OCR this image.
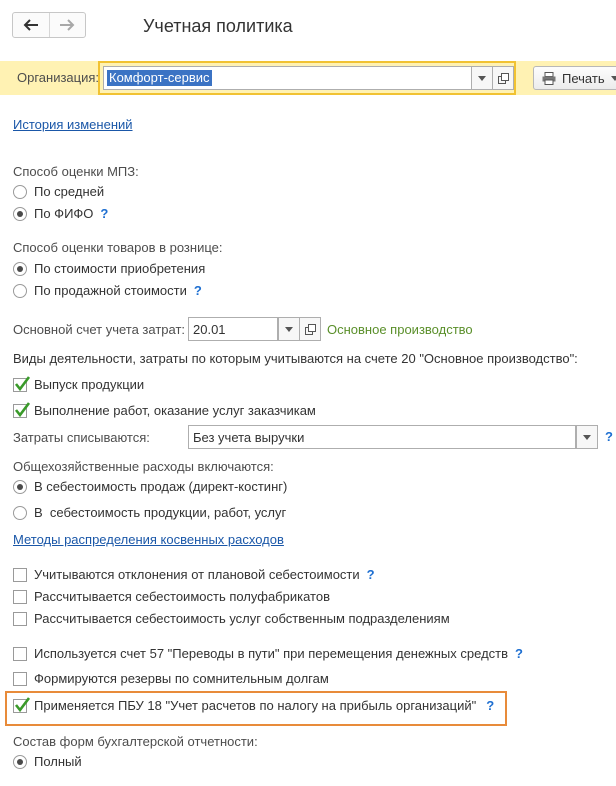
Учетная политика
Организация: Комфорт-сервис	Печать
История изменений
Способ оценки МПЗ:
По средней
По ФИФО ?
Способ оценки товаров в рознице:
По стоимости приобретения
По продажной стоимости ?
Основной счет учета затрат: 20.01	Основное производство
Виды деятельности, затраты по которым учитываются на счете 20 "Основное производство":
Выпуск продукции
Выполнение работ, оказание услуг заказчикам
Затраты списываются:	Без учета выручки	?
Общехозяйственные расходы включаются:
В себестоимость продаж (директ-костинг)
В  себестоимость продукции, работ, услуг
Методы распределения косвенных расходов
Учитываются отклонения от плановой себестоимости ?
Рассчитывается себестоимость полуфабрикатов
Рассчитывается себестоимость услуг собственным подразделениям
Используется счет 57 "Переводы в пути" при перемещения денежных средств ?
Формируются резервы по сомнительным долгам
Применяется ПБУ 18 "Учет расчетов по налогу на прибыль организаций" ?
Состав форм бухгалтерской отчетности:
Полный
